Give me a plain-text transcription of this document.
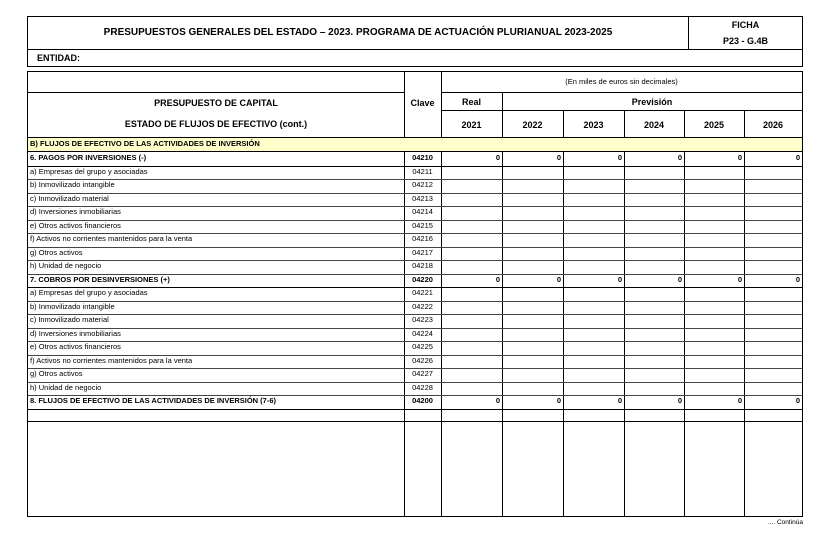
PRESUPUESTOS GENERALES DEL ESTADO – 2023. PROGRAMA DE ACTUACIÓN PLURIANUAL 2023-2025
FICHA
P23 - G.4B
ENTIDAD:
(En miles de euros sin decimales)
PRESUPUESTO DE CAPITAL
ESTADO DE FLUJOS DE EFECTIVO (cont.)
Clave	Real	Previsión
2021	2022	2023	2024	2025	2026
B) FLUJOS DE EFECTIVO DE LAS ACTIVIDADES DE INVERSIÓN
6. PAGOS POR INVERSIONES (-)	04210	0	0	0	0	0	0
a) Empresas del grupo y asociadas	04211
b) Inmovilizado intangible	04212
c) Inmovilizado material	04213
d) Inversiones inmobiliarias	04214
e) Otros activos financieros	04215
f) Activos no corrientes mantenidos para la venta	04216
g) Otros activos	04217
h) Unidad de negocio	04218
7. COBROS POR DESINVERSIONES (+)	04220	0	0	0	0	0	0
a) Empresas del grupo y asociadas	04221
b) Inmovilizado intangible	04222
c) Inmovilizado material	04223
d) Inversiones inmobiliarias	04224
e) Otros activos financieros	04225
f) Activos no corrientes mantenidos para la venta	04226
g) Otros activos	04227
h) Unidad de negocio	04228
8. FLUJOS DE EFECTIVO DE LAS ACTIVIDADES DE INVERSIÓN (7-6)	04200	0	0	0	0	0	0
.... Continúa
